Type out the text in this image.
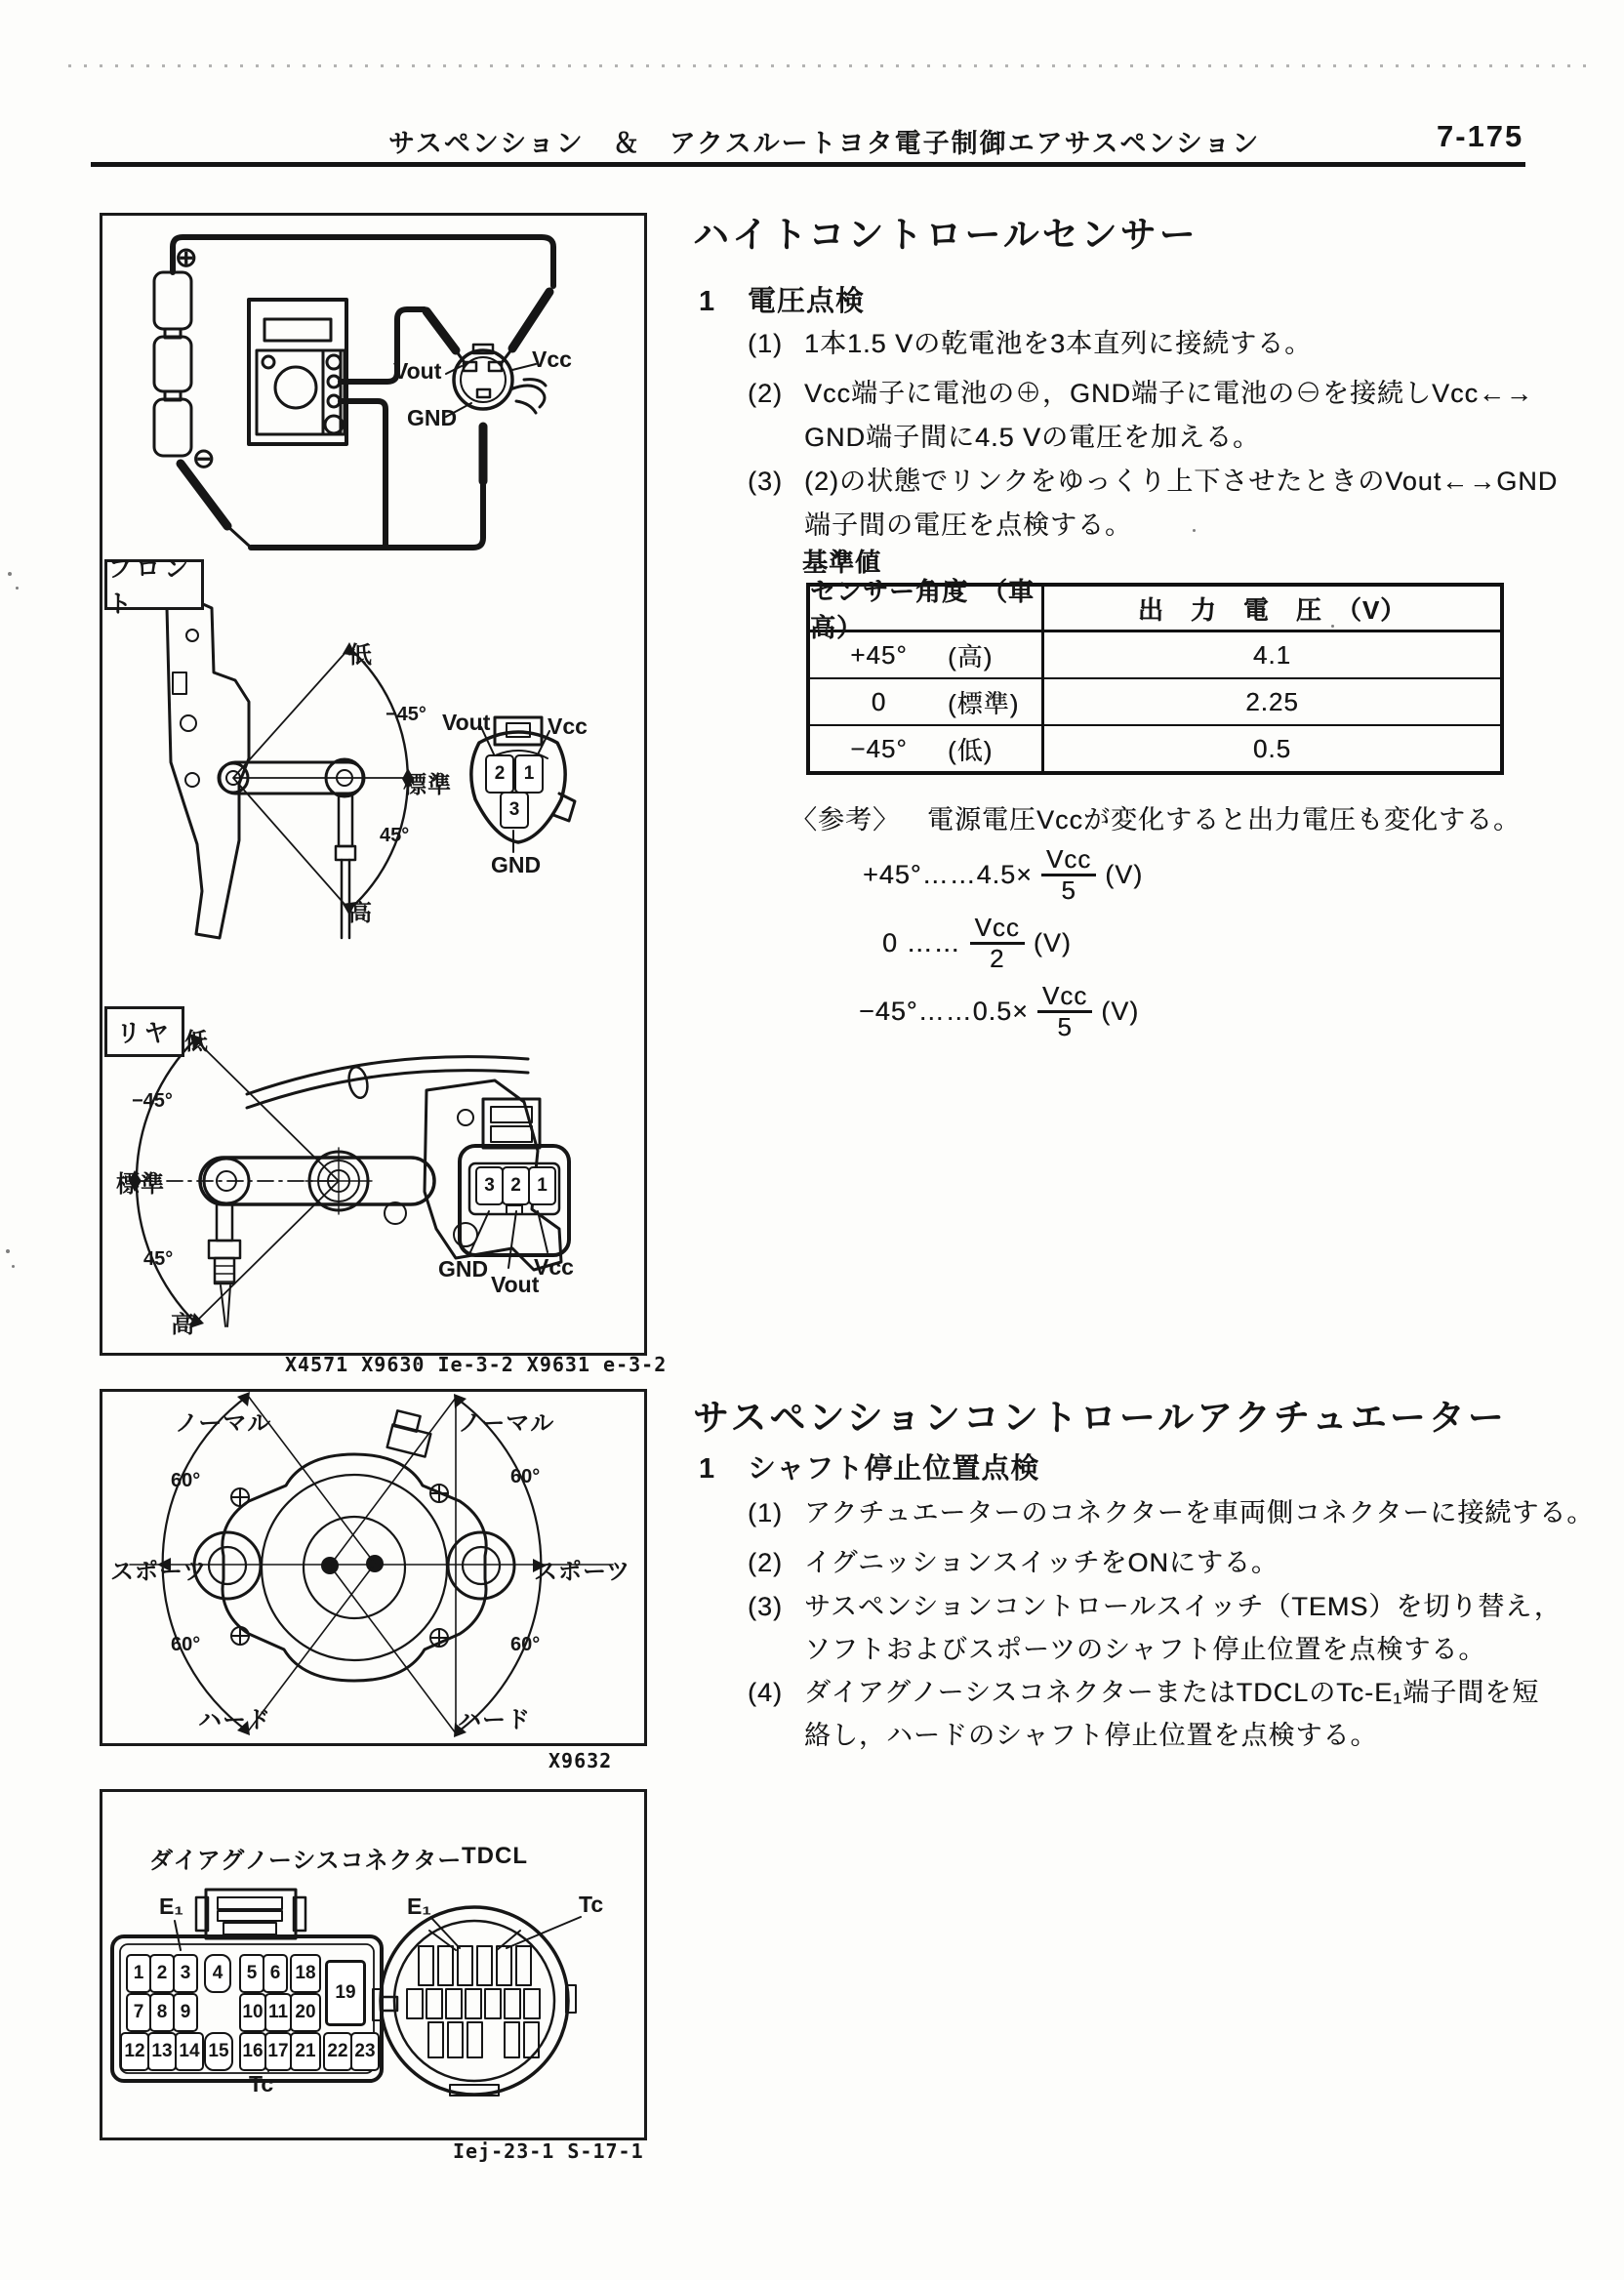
サスペンション　＆　アクスルートヨタ電子制御エアサスペンション	7-175
⊕
⊖
Vout	Vcc
GND
フロント
低
−45°
標準
45°
高
Vout	Vcc
GND
2 1
3
リヤ 低
−45°
標準
45°
高
GND
Vout
Vcc
3 2 1
X4571 X9630 Ie-3-2 X9631 e-3-2
ノーマル	ノーマル
60°	60°
スポーツ	スポーツ
60°	60°
ハード	ハード
X9632
ダイアグノーシスコネクター TDCL
E₁
Tc
E₁	Tc
1 2 3 4 5 6 18
19
7 8 9	10 11 20
12 13 14 15 16 17 21 22 23
Iej-23-1 S-17-1
ハイトコントロールセンサー
1 電圧点検
(1) 1本1.5 Vの乾電池を3本直列に接続する。
(2) Vcc端子に電池の⊕，GND端子に電池の⊖を接続しVcc←→
GND端子間に4.5 Vの電圧を加える。
(3) (2)の状態でリンクをゆっくり上下させたときのVout←→GND
端子間の電圧を点検する。
基準値
センサー角度　（車高）
出　力　電　圧　（V）
+45°	(高)	4.1
0	(標準)	2.25
−45°	(低)	0.5
〈参考〉 電源電圧Vccが変化すると出力電圧も変化する。
+45°……4.5× $\frac{\text{Vcc}}{5} (V)$
0 …… $\frac{\text{Vcc}}{2} (V)$
−45°……0.5× $\frac{\text{Vcc}}{5} (V)$
サスペンションコントロールアクチュエーター
1 シャフト停止位置点検
(1) アクチュエーターのコネクターを車両側コネクターに接続する。
(2) イグニッションスイッチをONにする。
(3) サスペンションコントロールスイッチ（TEMS）を切り替え，
ソフトおよびスポーツのシャフト停止位置を点検する。
(4) ダイアグノーシスコネクターまたはTDCLのTc-E₁端子間を短
絡し，ハードのシャフト停止位置を点検する。
